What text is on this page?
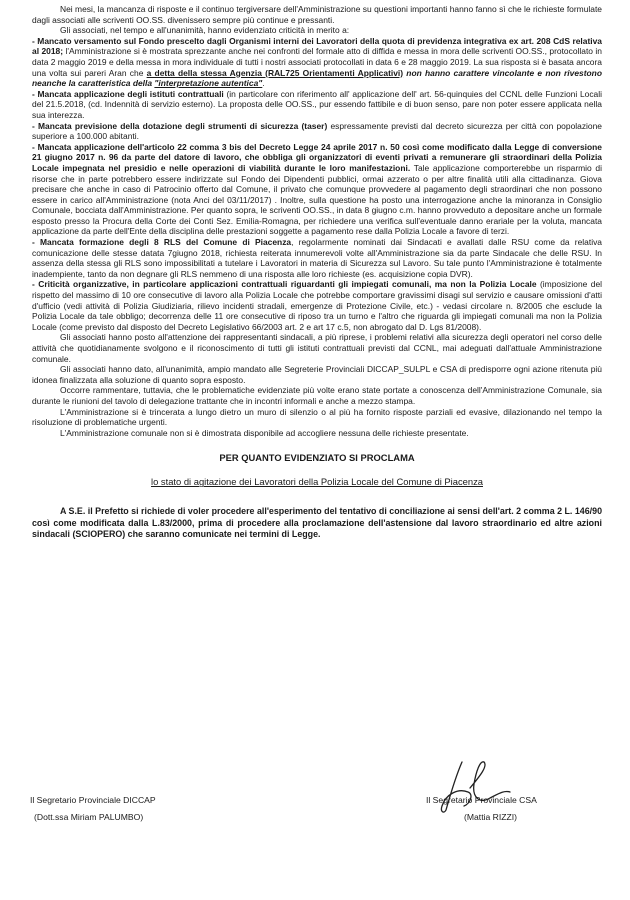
Nei mesi, la mancanza di risposte e il continuo tergiversare dell'Amministrazione su questioni importanti hanno fanno sì che le richieste formulate dagli associati alle scriventi OO.SS. divenissero sempre più continue e pressanti.

Gli associati, nel tempo e all'unanimità, hanno evidenziato criticità in merito a:

- Mancato versamento sul Fondo prescelto dagli Organismi interni dei Lavoratori della quota di previdenza integrativa ex art. 208 CdS relativa al 2018; l'Amministrazione si è mostrata sprezzante anche nei confronti del formale atto di diffida e messa in mora delle scriventi OO.SS., protocollato in data 2 maggio 2019 e della messa in mora individuale di tutti i nostri associati protocollati in data 6 e 28 maggio 2019. La sua risposta si è basata ancora una volta sui pareri Aran che a detta della stessa Agenzia (RAL725 Orientamenti Applicativi) non hanno carattere vincolante e non rivestono neanche la caratteristica della "interpretazione autentica".

- Mancata applicazione degli istituti contrattuali (in particolare con riferimento all' applicazione dell' art. 56-quinquies del CCNL delle Funzioni Locali del 21.5.2018, (cd. Indennità di servizio esterno). La proposta delle OO.SS., pur essendo fattibile e di buon senso, pare non poter essere applicata nella sua interezza.

- Mancata previsione della dotazione degli strumenti di sicurezza (taser) espressamente previsti dal decreto sicurezza per città con popolazione superiore a 100.000 abitanti.

- Mancata applicazione dell'articolo 22 comma 3 bis del Decreto Legge 24 aprile 2017 n. 50 così come modificato dalla Legge di conversione 21 giugno 2017 n. 96 da parte del datore di lavoro, che obbliga gli organizzatori di eventi privati a remunerare gli straordinari della Polizia Locale impegnata nel presidio e nelle operazioni di viabilità durante le loro manifestazioni. Tale applicazione comporterebbe un risparmio di risorse che in parte potrebbero essere indirizzate sul Fondo dei Dipendenti pubblici, ormai azzerato o per altre finalità utili alla cittadinanza. Giova precisare che anche in caso di Patrocinio offerto dal Comune, il privato che comunque provvedere al pagamento degli straordinari che non possono essere in carico all'Amministrazione (nota Anci del 03/11/2017) . Inoltre, sulla questione ha posto una interrogazione anche la minoranza in Consiglio Comunale, bocciata dall'Amministrazione. Per quanto sopra, le scriventi OO.SS., in data 8 giugno c.m. hanno provveduto a depositare anche un formale esposto presso la Procura della Corte dei Conti Sez. Emilia-Romagna, per richiedere una verifica sull'eventuale danno erariale per la voluta, mancata applicazione da parte dell'Ente della disciplina delle prestazioni soggette a pagamento rese dalla Polizia Locale a favore di terzi.

- Mancata formazione degli 8 RLS del Comune di Piacenza, regolarmente nominati dai Sindacati e avallati dalle RSU come da relativa comunicazione delle stesse datata 7giugno 2018, richiesta reiterata innumerevoli volte all'Amministrazione sia da parte Sindacale che delle RSU. In assenza della stessa gli RLS sono impossibilitati a tutelare i Lavoratori in materia di Sicurezza sul Lavoro. Su tale punto l'Amministrazione è totalmente inadempiente, tanto da non degnare gli RLS nemmeno di una risposta alle loro richieste (es. acquisizione copia DVR).

- Criticità organizzative, in particolare applicazioni contrattuali riguardanti gli impiegati comunali, ma non la Polizia Locale (imposizione del rispetto del massimo di 10 ore consecutive di lavoro alla Polizia Locale che potrebbe comportare gravissimi disagi sul servizio e causare omissioni d'atti d'ufficio (vedi attività di Polizia Giudiziaria, rilievo incidenti stradali, emergenze di Protezione Civile, etc.) - vedasi circolare n. 8/2005 che esclude la Polizia Locale da tale obbligo; decorrenza delle 11 ore consecutive di riposo tra un turno e l'altro che riguarda gli impiegati comunali ma non la Polizia Locale (come previsto dal disposto del Decreto Legislativo 66/2003 art. 2 e art 17 c.5, non abrogato dal D. Lgs 81/2008).

Gli associati hanno posto all'attenzione dei rappresentanti sindacali, a più riprese, i problemi relativi alla sicurezza degli operatori nel corso delle attività che quotidianamente svolgono e il riconoscimento di tutti gli istituti contrattuali previsti dal CCNL, mai adeguati dall'attuale Amministrazione comunale.

Gli associati hanno dato, all'unanimità, ampio mandato alle Segreterie Provinciali DICCAP_SULPL e CSA di predisporre ogni azione ritenuta più idonea finalizzata alla soluzione di quanto sopra esposto.

Occorre rammentare, tuttavia, che le problematiche evidenziate più volte erano state portate a conoscenza dell'Amministrazione Comunale, sia durante le riunioni del tavolo di delegazione trattante che in incontri informali e anche a mezzo stampa.

L'Amministrazione si è trincerata a lungo dietro un muro di silenzio o al più ha fornito risposte parziali ed evasive, dilazionando nel tempo la risoluzione di problematiche urgenti.

L'Amministrazione comunale non si è dimostrata disponibile ad accogliere nessuna delle richieste presentate.

PER QUANTO EVIDENZIATO SI PROCLAMA

lo stato di agitazione dei Lavoratori della Polizia Locale del Comune di Piacenza

A S.E. il Prefetto si richiede di voler procedere all'esperimento del tentativo di conciliazione ai sensi dell'art. 2 comma 2 L. 146/90 così come modificata dalla L.83/2000, prima di procedere alla proclamazione dell'astensione dal lavoro straordinario ed altre azioni sindacali (SCIOPERO) che saranno comunicate nei termini di Legge.

Il Segretario Provinciale DICCAP
(Dott.ssa Miriam PALUMBO)
Il Segretario Provinciale CSA
(Mattia RIZZI)
